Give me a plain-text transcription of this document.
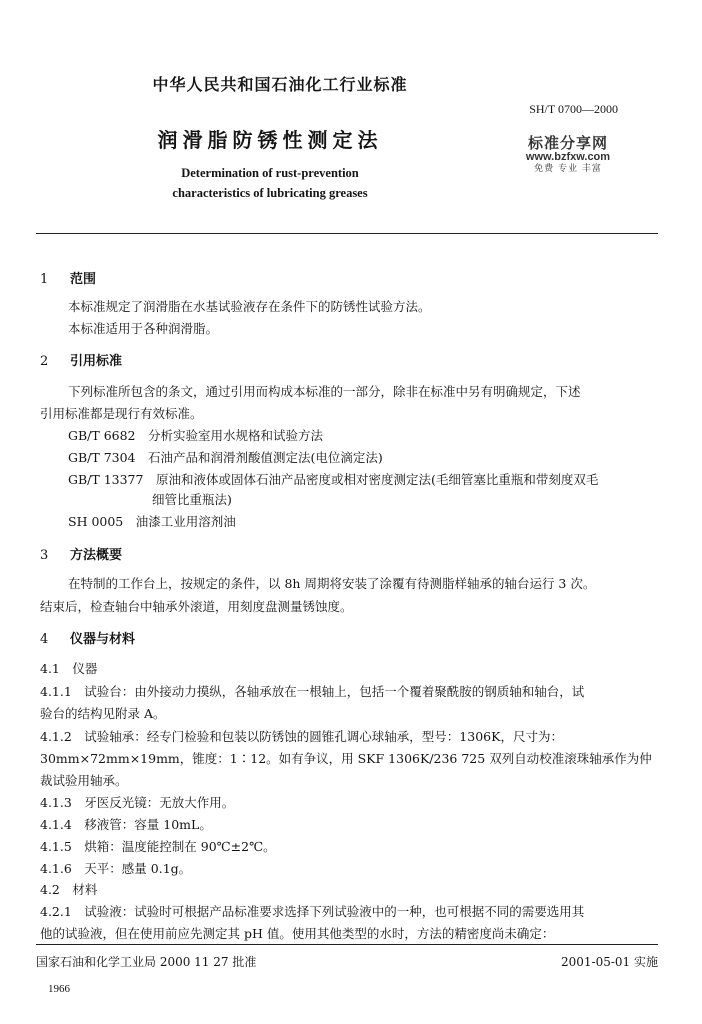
中华人民共和国石油化工行业标准
SH/T 0700—2000
润滑脂防锈性测定法
Determination of rust-prevention
characteristics of lubricating greases
标准分享网
www.bzfxw.com
免费 专业 丰富
1 范围
本标准规定了润滑脂在水基试验液存在条件下的防锈性试验方法。
本标准适用于各种润滑脂。
2 引用标准
下列标准所包含的条文，通过引用而构成本标准的一部分，除非在标准中另有明确规定，下述
引用标准都是现行有效标准。
GB/T 6682　分析实验室用水规格和试验方法
GB/T 7304　石油产品和润滑剂酸值测定法(电位滴定法)
GB/T 13377　原油和液体或固体石油产品密度或相对密度测定法(毛细管塞比重瓶和带刻度双毛
细管比重瓶法)
SH 0005　油漆工业用溶剂油
3 方法概要
在特制的工作台上，按规定的条件，以 8h 周期将安装了涂覆有待测脂样轴承的轴台运行 3 次。
结束后，检查轴台中轴承外滚道，用刻度盘测量锈蚀度。
4 仪器与材料
4.1　仪器
4.1.1　试验台：由外接动力摸纵，各轴承放在一根轴上，包括一个覆着聚酰胺的钢质轴和轴台，试
验台的结构见附录 A。
4.1.2　试验轴承：经专门检验和包装以防锈蚀的圆锥孔调心球轴承，型号：1306K，尺寸为：
30mm×72mm×19mm，锥度：1∶12。如有争议，用 SKF 1306K/236 725 双列自动校准滚珠轴承作为仲
裁试验用轴承。
4.1.3　牙医反光镜：无放大作用。
4.1.4　移液管：容量 10mL。
4.1.5　烘箱：温度能控制在 90℃±2℃。
4.1.6　天平：感量 0.1g。
4.2　材料
4.2.1　试验液：试验时可根据产品标准要求选择下列试验液中的一种，也可根据不同的需要选用其
他的试验液，但在使用前应先测定其 pH 值。使用其他类型的水时，方法的精密度尚未确定：
国家石油和化学工业局 2000 11 27 批准	2001-05-01 实施
1966
